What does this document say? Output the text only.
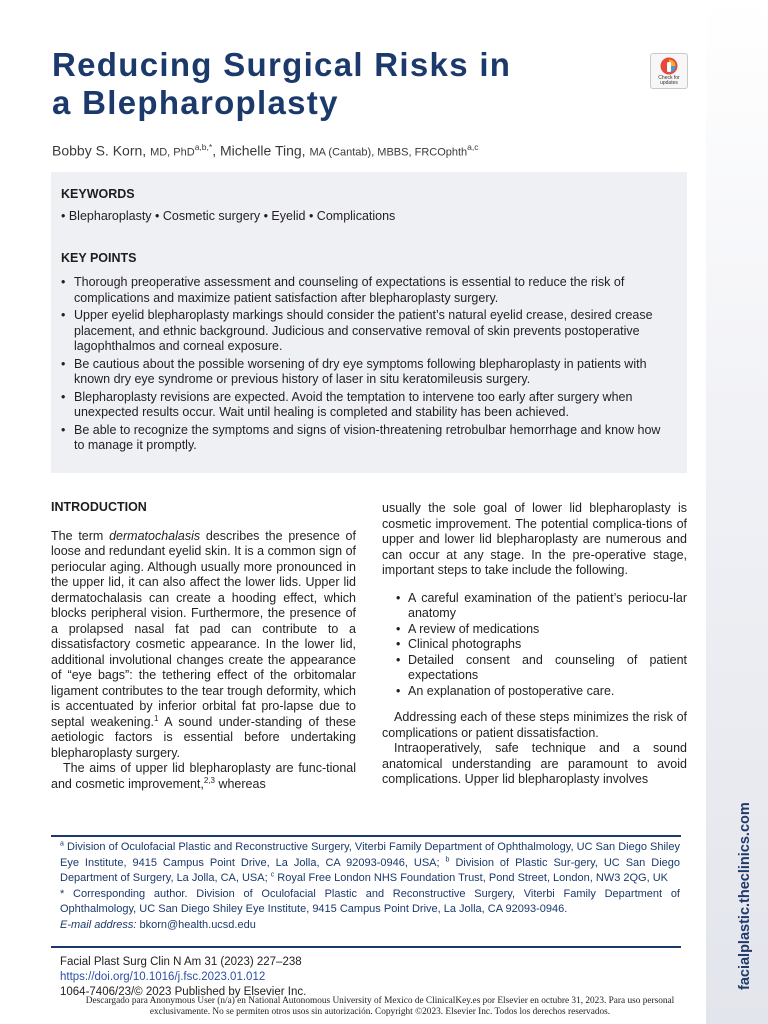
facialplastic.theclinics.com
Reducing Surgical Risks in
a Blepharoplasty
Check for
updates
Bobby S. Korn, MD, PhD$^{a,b,*}$, Michelle Ting, MA (Cantab), MBBS, FRCOphth$^{a,c}$
KEYWORDS
• Blepharoplasty • Cosmetic surgery • Eyelid • Complications
KEY POINTS
• Thorough preoperative assessment and counseling of expectations is essential to reduce the risk of complications and maximize patient satisfaction after blepharoplasty surgery.
• Upper eyelid blepharoplasty markings should consider the patient’s natural eyelid crease, desired crease placement, and ethnic background. Judicious and conservative removal of skin prevents postoperative lagophthalmos and corneal exposure.
• Be cautious about the possible worsening of dry eye symptoms following blepharoplasty in patients with known dry eye syndrome or previous history of laser in situ keratomileusis surgery.
• Blepharoplasty revisions are expected. Avoid the temptation to intervene too early after surgery when unexpected results occur. Wait until healing is completed and stability has been achieved.
• Be able to recognize the symptoms and signs of vision-threatening retrobulbar hemorrhage and know how to manage it promptly.
INTRODUCTION

The term dermatochalasis describes the presence of loose and redundant eyelid skin. It is a common sign of periocular aging. Although usually more pronounced in the upper lid, it can also affect the lower lids. Upper lid dermatochalasis can create a hooding effect, which blocks peripheral vision. Furthermore, the presence of a prolapsed nasal fat pad can contribute to a dissatisfactory cosmetic appearance. In the lower lid, additional involutional changes create the appearance of “eye bags”: the tethering effect of the orbitomalar ligament contributes to the tear trough deformity, which is accentuated by inferior orbital fat pro-lapse due to septal weakening.$^1$ A sound under-standing of these aetiologic factors is essential before undertaking blepharoplasty surgery.

The aims of upper lid blepharoplasty are func-tional and cosmetic improvement,$^{2,3}$ whereas

usually the sole goal of lower lid blepharoplasty is cosmetic improvement. The potential complica-tions of upper and lower lid blepharoplasty are numerous and can occur at any stage. In the pre-operative stage, important steps to take include the following.

• A careful examination of the patient’s periocu-lar anatomy
• A review of medications
• Clinical photographs
• Detailed consent and counseling of patient expectations
• An explanation of postoperative care.

Addressing each of these steps minimizes the risk of complications or patient dissatisfaction.

Intraoperatively, safe technique and a sound anatomical understanding are paramount to avoid complications. Upper lid blepharoplasty involves

$^a$ Division of Oculofacial Plastic and Reconstructive Surgery, Viterbi Family Department of Ophthalmology, UC San Diego Shiley Eye Institute, 9415 Campus Point Drive, La Jolla, CA 92093-0946, USA; $^b$ Division of Plastic Sur-gery, UC San Diego Department of Surgery, La Jolla, CA, USA; $^c$ Royal Free London NHS Foundation Trust, Pond Street, London, NW3 2QG, UK
* Corresponding author. Division of Oculofacial Plastic and Reconstructive Surgery, Viterbi Family Department of Ophthalmology, UC San Diego Shiley Eye Institute, 9415 Campus Point Drive, La Jolla, CA 92093-0946.
E-mail address: bkorn@health.ucsd.edu

Facial Plast Surg Clin N Am 31 (2023) 227–238
https://doi.org/10.1016/j.fsc.2023.01.012
1064-7406/23/© 2023 Published by Elsevier Inc.

Descargado para Anonymous User (n/a) en National Autonomous University of Mexico de ClinicalKey.es por Elsevier en octubre 31, 2023. Para uso personal exclusivamente. No se permiten otros usos sin autorización. Copyright ©2023. Elsevier Inc. Todos los derechos reservados.
